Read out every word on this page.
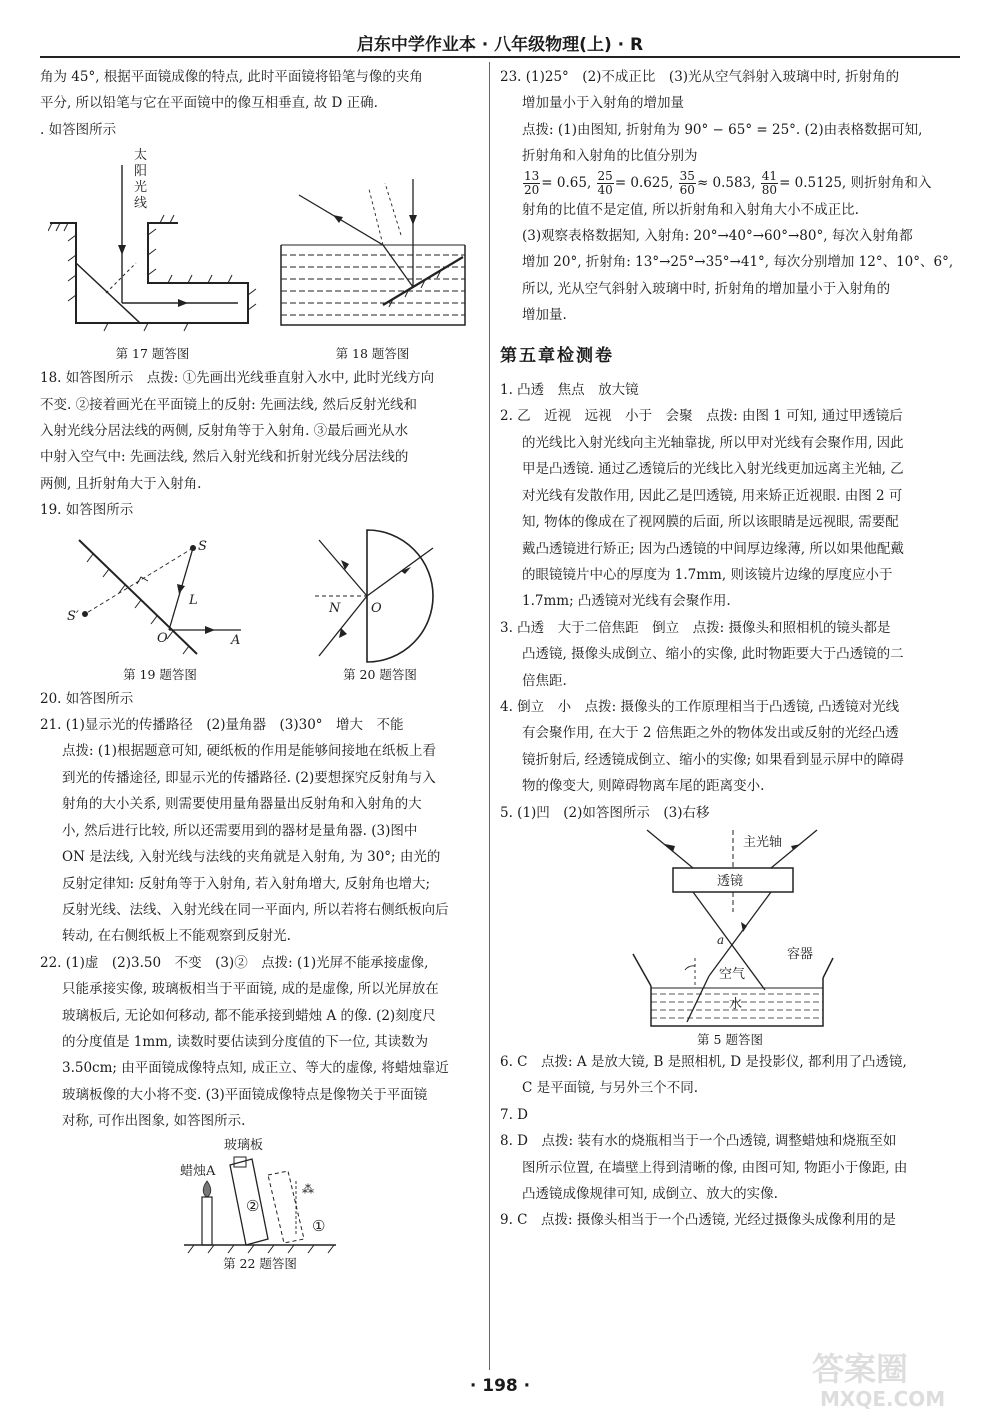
启东中学作业本 · 八年级物理(上) · R

角为 45°, 根据平面镜成像的特点, 此时平面镜将铅笔与像的夹角

平分, 所以铅笔与它在平面镜中的像互相垂直, 故 D 正确.

. 如答图所示

太
阳
光
线
第 17 题答图	第 18 题答图

18. 如答图所示　点拨: ①先画出光线垂直射入水中, 此时光线方向

不变. ②接着画光在平面镜上的反射: 先画法线, 然后反射光线和

入射光线分居法线的两侧, 反射角等于入射角. ③最后画光从水

中射入空气中: 先画法线, 然后入射光线和折射光线分居法线的

两侧, 且折射角大于入射角.

19. 如答图所示

S
S′
L
O	A
第 19 题答图
N O
第 20 题答图

20. 如答图所示

21. (1)显示光的传播路径　(2)量角器　(3)30°　增大　不能

点拨: (1)根据题意可知, 硬纸板的作用是能够间接地在纸板上看

到光的传播途径, 即显示光的传播路径. (2)要想探究反射角与入

射角的大小关系, 则需要使用量角器量出反射角和入射角的大

小, 然后进行比较, 所以还需要用到的器材是量角器. (3)图中

ON 是法线, 入射光线与法线的夹角就是入射角, 为 30°; 由光的

反射定律知: 反射角等于入射角, 若入射角增大, 反射角也增大;

反射光线、法线、入射光线在同一平面内, 所以若将右侧纸板向后

转动, 在右侧纸板上不能观察到反射光.

22. (1)虚　(2)3.50　不变　(3)②　点拨: (1)光屏不能承接虚像,

只能承接实像, 玻璃板相当于平面镜, 成的是虚像, 所以光屏放在

玻璃板后, 无论如何移动, 都不能承接到蜡烛 A 的像. (2)刻度尺

的分度值是 1mm, 读数时要估读到分度值的下一位, 其读数为

3.50cm; 由平面镜成像特点知, 成正立、等大的虚像, 将蜡烛靠近

玻璃板像的大小将不变. (3)平面镜成像特点是像物关于平面镜

对称, 可作出图象, 如答图所示.

玻璃板
蜡烛A
⁂
②
①
第 22 题答图

23. (1)25°　(2)不成正比　(3)光从空气斜射入玻璃中时, 折射角的

增加量小于入射角的增加量

点拨: (1)由图知, 折射角为 90° − 65° = 25°. (2)由表格数据可知,

折射角和入射角的比值分别为

$\frac{13}{20} = 0.65$, $\frac{25}{40} = 0.625$, $\frac{35}{60} \approx 0.583$, $\frac{41}{80} = 0.5125$, 则折射角和入

射角的比值不是定值, 所以折射角和入射角大小不成正比.

(3)观察表格数据知, 入射角: 20°→40°→60°→80°, 每次入射角都

增加 20°, 折射角: 13°→25°→35°→41°, 每次分别增加 12°、10°、6°,

所以, 光从空气斜射入玻璃中时, 折射角的增加量小于入射角的

增加量.

第五章检测卷

1. 凸透　焦点　放大镜

2. 乙　近视　远视　小于　会聚　点拨: 由图 1 可知, 通过甲透镜后

的光线比入射光线向主光轴靠拢, 所以甲对光线有会聚作用, 因此

甲是凸透镜. 通过乙透镜后的光线比入射光线更加远离主光轴, 乙

对光线有发散作用, 因此乙是凹透镜, 用来矫正近视眼. 由图 2 可

知, 物体的像成在了视网膜的后面, 所以该眼睛是远视眼, 需要配

戴凸透镜进行矫正; 因为凸透镜的中间厚边缘薄, 所以如果他配戴

的眼镜镜片中心的厚度为 1.7mm, 则该镜片边缘的厚度应小于

1.7mm; 凸透镜对光线有会聚作用.

3. 凸透　大于二倍焦距　倒立　点拨: 摄像头和照相机的镜头都是

凸透镜, 摄像头成倒立、缩小的实像, 此时物距要大于凸透镜的二

倍焦距.

4. 倒立　小　点拨: 摄像头的工作原理相当于凸透镜, 凸透镜对光线

有会聚作用, 在大于 2 倍焦距之外的物体发出或反射的光经凸透

镜折射后, 经透镜成倒立、缩小的实像; 如果看到显示屏中的障碍

物的像变大, 则障碍物离车尾的距离变小.

5. (1)凹　(2)如答图所示　(3)右移

主光轴
透镜
a
容器
空气
水
第 5 题答图

6. C　点拨: A 是放大镜, B 是照相机, D 是投影仪, 都利用了凸透镜,

C 是平面镜, 与另外三个不同.

7. D

8. D　点拨: 装有水的烧瓶相当于一个凸透镜, 调整蜡烛和烧瓶至如

图所示位置, 在墙壁上得到清晰的像, 由图可知, 物距小于像距, 由

凸透镜成像规律可知, 成倒立、放大的实像.

9. C　点拨: 摄像头相当于一个凸透镜, 光经过摄像头成像利用的是

· 198 ·	答案圈
MXQE.COM
